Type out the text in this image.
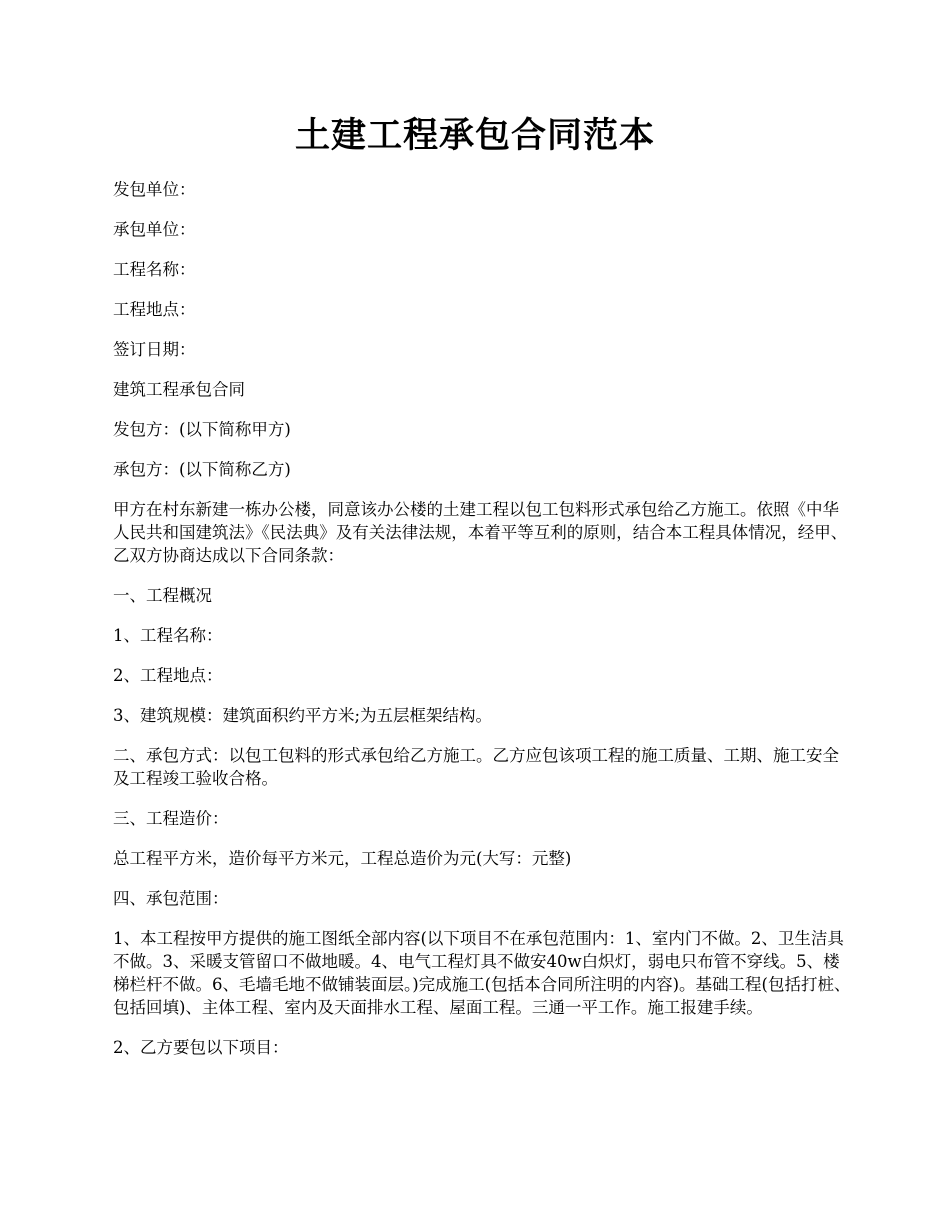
土建工程承包合同范本

发包单位：

承包单位：

工程名称：

工程地点：

签订日期：

建筑工程承包合同

发包方：(以下简称甲方)

承包方：(以下简称乙方)

甲方在村东新建一栋办公楼，同意该办公楼的土建工程以包工包料形式承包给乙方施工。依照《中华人民共和国建筑法》《民法典》及有关法律法规，本着平等互利的原则，结合本工程具体情况，经甲、乙双方协商达成以下合同条款：

一、工程概况

1、工程名称：

2、工程地点：

3、建筑规模：建筑面积约平方米;为五层框架结构。

二、承包方式：以包工包料的形式承包给乙方施工。乙方应包该项工程的施工质量、工期、施工安全及工程竣工验收合格。

三、工程造价：

总工程平方米，造价每平方米元，工程总造价为元(大写：元整)

四、承包范围：

1、本工程按甲方提供的施工图纸全部内容(以下项目不在承包范围内：1、室内门不做。2、卫生洁具不做。3、采暖支管留口不做地暖。4、电气工程灯具不做安40w白炽灯，弱电只布管不穿线。5、楼梯栏杆不做。6、毛墙毛地不做铺装面层。)完成施工(包括本合同所注明的内容)。基础工程(包括打桩、包括回填)、主体工程、室内及天面排水工程、屋面工程。三通一平工作。施工报建手续。

2、乙方要包以下项目：
